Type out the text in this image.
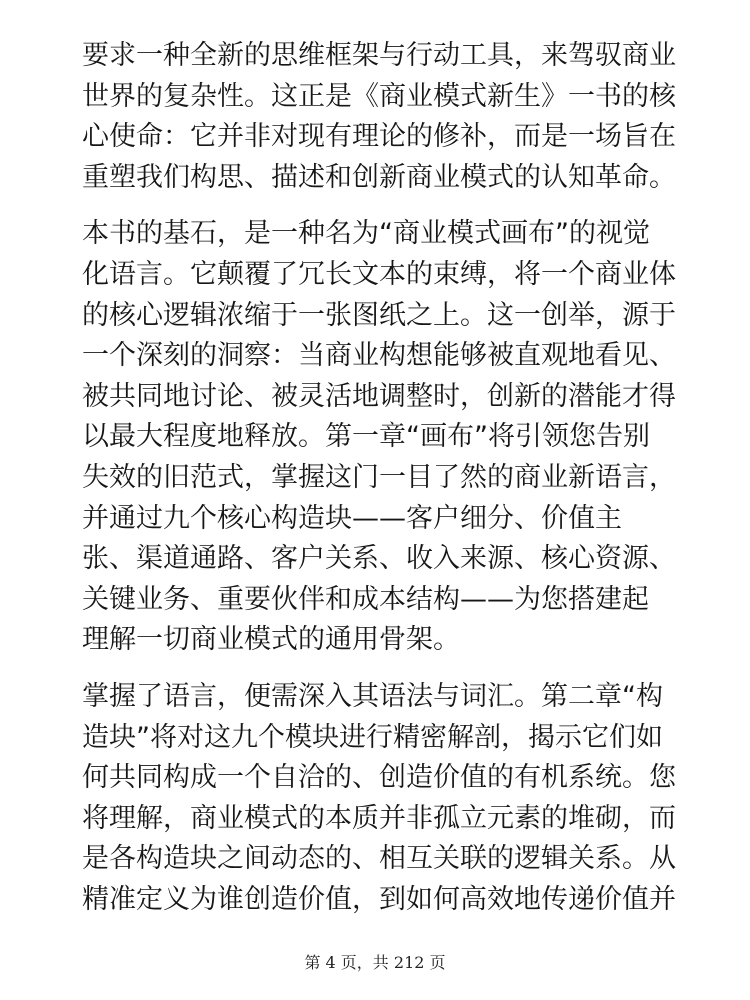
要求一种全新的思维框架与行动工具，来驾驭商业
世界的复杂性。这正是《商业模式新生》一书的核
心使命：它并非对现有理论的修补，而是一场旨在
重塑我们构思、描述和创新商业模式的认知革命。

本书的基石，是一种名为“商业模式画布”的视觉
化语言。它颠覆了冗长文本的束缚，将一个商业体
的核心逻辑浓缩于一张图纸之上。这一创举，源于
一个深刻的洞察：当商业构想能够被直观地看见、
被共同地讨论、被灵活地调整时，创新的潜能才得
以最大程度地释放。第一章“画布”将引领您告别
失效的旧范式，掌握这门一目了然的商业新语言，
并通过九个核心构造块——客户细分、价值主
张、渠道通路、客户关系、收入来源、核心资源、
关键业务、重要伙伴和成本结构——为您搭建起
理解一切商业模式的通用骨架。

掌握了语言，便需深入其语法与词汇。第二章“构
造块”将对这九个模块进行精密解剖，揭示它们如
何共同构成一个自洽的、创造价值的有机系统。您
将理解，商业模式的本质并非孤立元素的堆砌，而
是各构造块之间动态的、相互关联的逻辑关系。从
精准定义为谁创造价值，到如何高效地传递价值并

第 4 页，共 212 页
